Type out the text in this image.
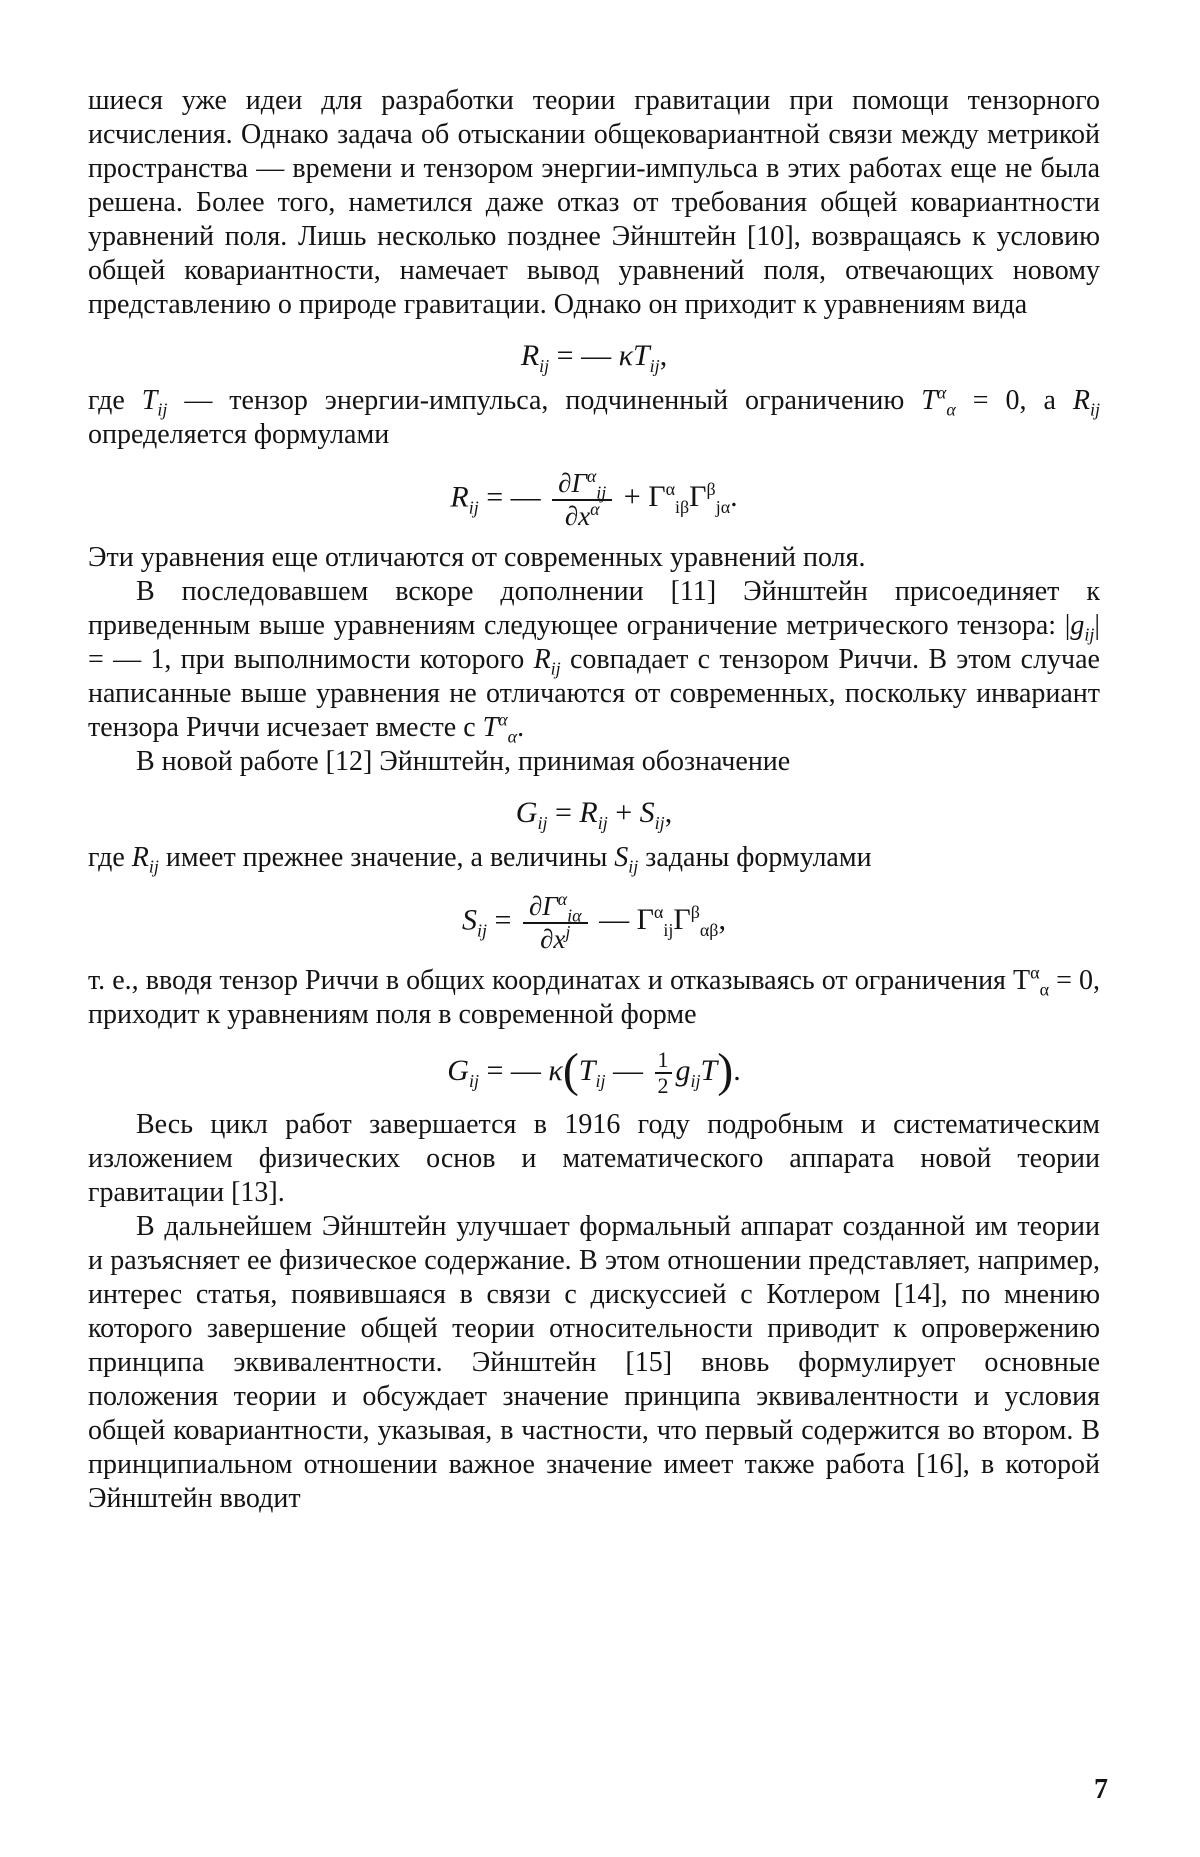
шиеся уже идеи для разработки теории гравитации при помощи тензорного исчисления. Однако задача об отыскании общековариантной связи между метрикой пространства — времени и тензором энергии-импульса в этих работах еще не была решена. Более того, наметился даже отказ от требования общей ковариантности уравнений поля. Лишь несколько позднее Эйнштейн [10], возвращаясь к условию общей ковариантности, намечает вывод уравнений поля, отвечающих новому представлению о природе гравитации. Однако он приходит к уравнениям вида

$R_{ij}$ = — $\kappa T_{ij}$,

где $T_{ij}$ — тензор энергии-импульса, подчиненный ограничению $T^\alpha_\alpha = 0$, а $R_{ij}$ определяется формулами

$R_{ij}$ = — $\frac{\partial\Gamma^\alpha_{ij}}{\partial x^\alpha} + \Gamma^\alpha_{i\beta}\Gamma^\beta_{j\alpha}$.

Эти уравнения еще отличаются от современных уравнений поля.

В последовавшем вскоре дополнении [11] Эйнштейн присоединяет к приведенным выше уравнениям следующее ограничение метрического тензора: $|g_{ij}|$ = — 1, при выполнимости которого $R_{ij}$ совпадает с тензором Риччи. В этом случае написанные выше уравнения не отличаются от современных, поскольку инвариант тензора Риччи исчезает вместе с $T^\alpha_\alpha$.

В новой работе [12] Эйнштейн, принимая обозначение

$G_{ij} = R_{ij} + S_{ij}$,

где $R_{ij}$ имеет прежнее значение, а величины $S_{ij}$ заданы формулами

$S_{ij} = \frac{\partial\Gamma^\alpha_{i\alpha}}{\partial x^j}$ — $\Gamma^\alpha_{ij}\Gamma^\beta_{\alpha\beta}$,

т. е., вводя тензор Риччи в общих координатах и отказываясь от ограничения $T^\alpha_\alpha = 0$, приходит к уравнениям поля в современной форме

$G_{ij}$ = — $\kappa(T_{ij}$ — $\frac{1}{2} g_{ij}T$).

Весь цикл работ завершается в 1916 году подробным и систематическим изложением физических основ и математического аппарата новой теории гравитации [13].

В дальнейшем Эйнштейн улучшает формальный аппарат созданной им теории и разъясняет ее физическое содержание. В этом отношении представляет, например, интерес статья, появившаяся в связи с дискуссией с Котлером [14], по мнению которого завершение общей теории относительности приводит к опровержению принципа эквивалентности. Эйнштейн [15] вновь формулирует основные положения теории и обсуждает значение принципа эквивалентности и условия общей ковариантности, указывая, в частности, что первый содержится во втором. В принципиальном отношении важное значение имеет также работа [16], в которой Эйнштейн вводит

7
